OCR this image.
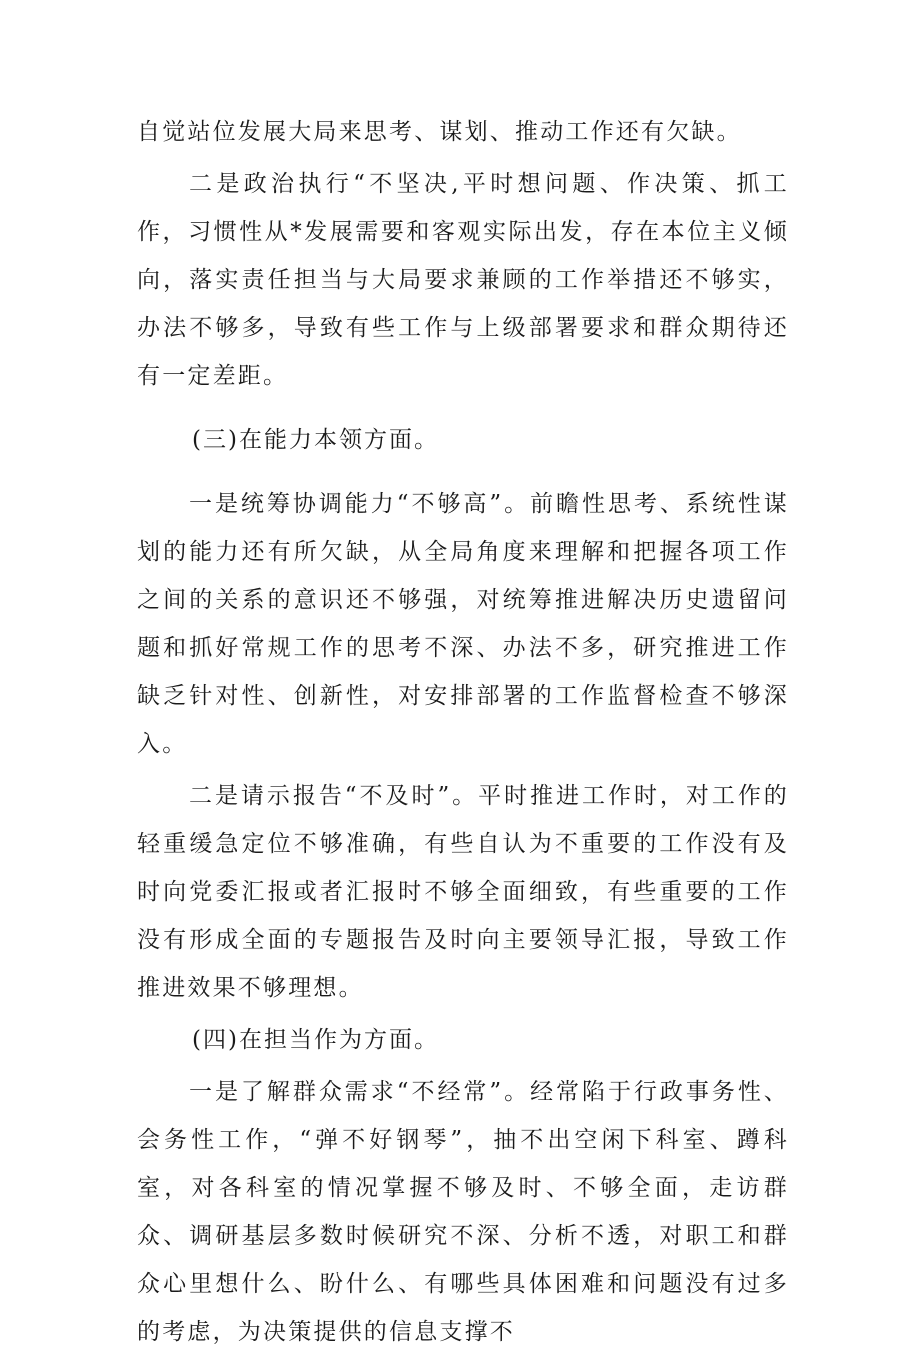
自觉站位发展大局来思考、谋划、推动工作还有欠缺。

二是政治执行“不坚决,平时想问题、作决策、抓工作，习惯性从*发展需要和客观实际出发，存在本位主义倾向，落实责任担当与大局要求兼顾的工作举措还不够实，办法不够多，导致有些工作与上级部署要求和群众期待还有一定差距。

(三)在能力本领方面。

一是统筹协调能力“不够高”。前瞻性思考、系统性谋划的能力还有所欠缺，从全局角度来理解和把握各项工作之间的关系的意识还不够强，对统筹推进解决历史遗留问题和抓好常规工作的思考不深、办法不多，研究推进工作缺乏针对性、创新性，对安排部署的工作监督检查不够深入。

二是请示报告“不及时”。平时推进工作时，对工作的轻重缓急定位不够准确，有些自认为不重要的工作没有及时向党委汇报或者汇报时不够全面细致，有些重要的工作没有形成全面的专题报告及时向主要领导汇报，导致工作推进效果不够理想。

(四)在担当作为方面。

一是了解群众需求“不经常”。经常陷于行政事务性、会务性工作，“弹不好钢琴”，抽不出空闲下科室、蹲科室，对各科室的情况掌握不够及时、不够全面，走访群众、调研基层多数时候研究不深、分析不透，对职工和群众心里想什么、盼什么、有哪些具体困难和问题没有过多的考虑，为决策提供的信息支撑不
